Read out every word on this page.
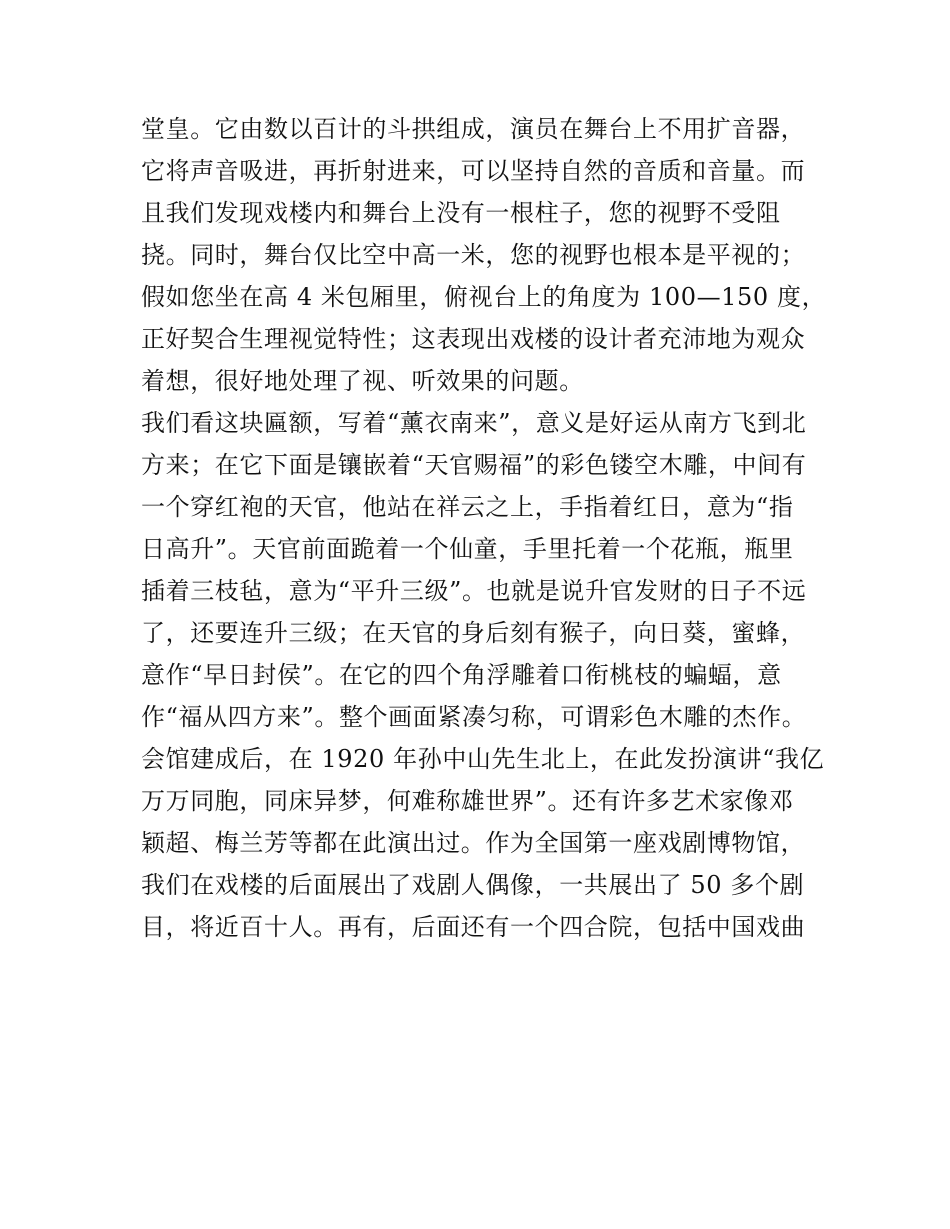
堂皇。它由数以百计的斗拱组成，演员在舞台上不用扩音器，
它将声音吸进，再折射进来，可以坚持自然的音质和音量。而
且我们发现戏楼内和舞台上没有一根柱子，您的视野不受阻
挠。同时，舞台仅比空中高一米，您的视野也根本是平视的；
假如您坐在高 4 米包厢里，俯视台上的角度为 100—150 度，
正好契合生理视觉特性；这表现出戏楼的设计者充沛地为观众
着想，很好地处理了视、听效果的问题。
我们看这块匾额，写着“薰衣南来”，意义是好运从南方飞到北
方来；在它下面是镶嵌着“天官赐福”的彩色镂空木雕，中间有
一个穿红袍的天官，他站在祥云之上，手指着红日，意为“指
日高升”。天官前面跪着一个仙童，手里托着一个花瓶，瓶里
插着三枝毡，意为“平升三级”。也就是说升官发财的日子不远
了，还要连升三级；在天官的身后刻有猴子，向日葵，蜜蜂，
意作“早日封侯”。在它的四个角浮雕着口衔桃枝的蝙蝠，意
作“福从四方来”。整个画面紧凑匀称，可谓彩色木雕的杰作。
会馆建成后，在 1920 年孙中山先生北上，在此发扮演讲“我亿
万万同胞，同床异梦，何难称雄世界”。还有许多艺术家像邓
颖超、梅兰芳等都在此演出过。作为全国第一座戏剧博物馆，
我们在戏楼的后面展出了戏剧人偶像，一共展出了 50 多个剧
目，将近百十人。再有，后面还有一个四合院，包括中国戏曲
